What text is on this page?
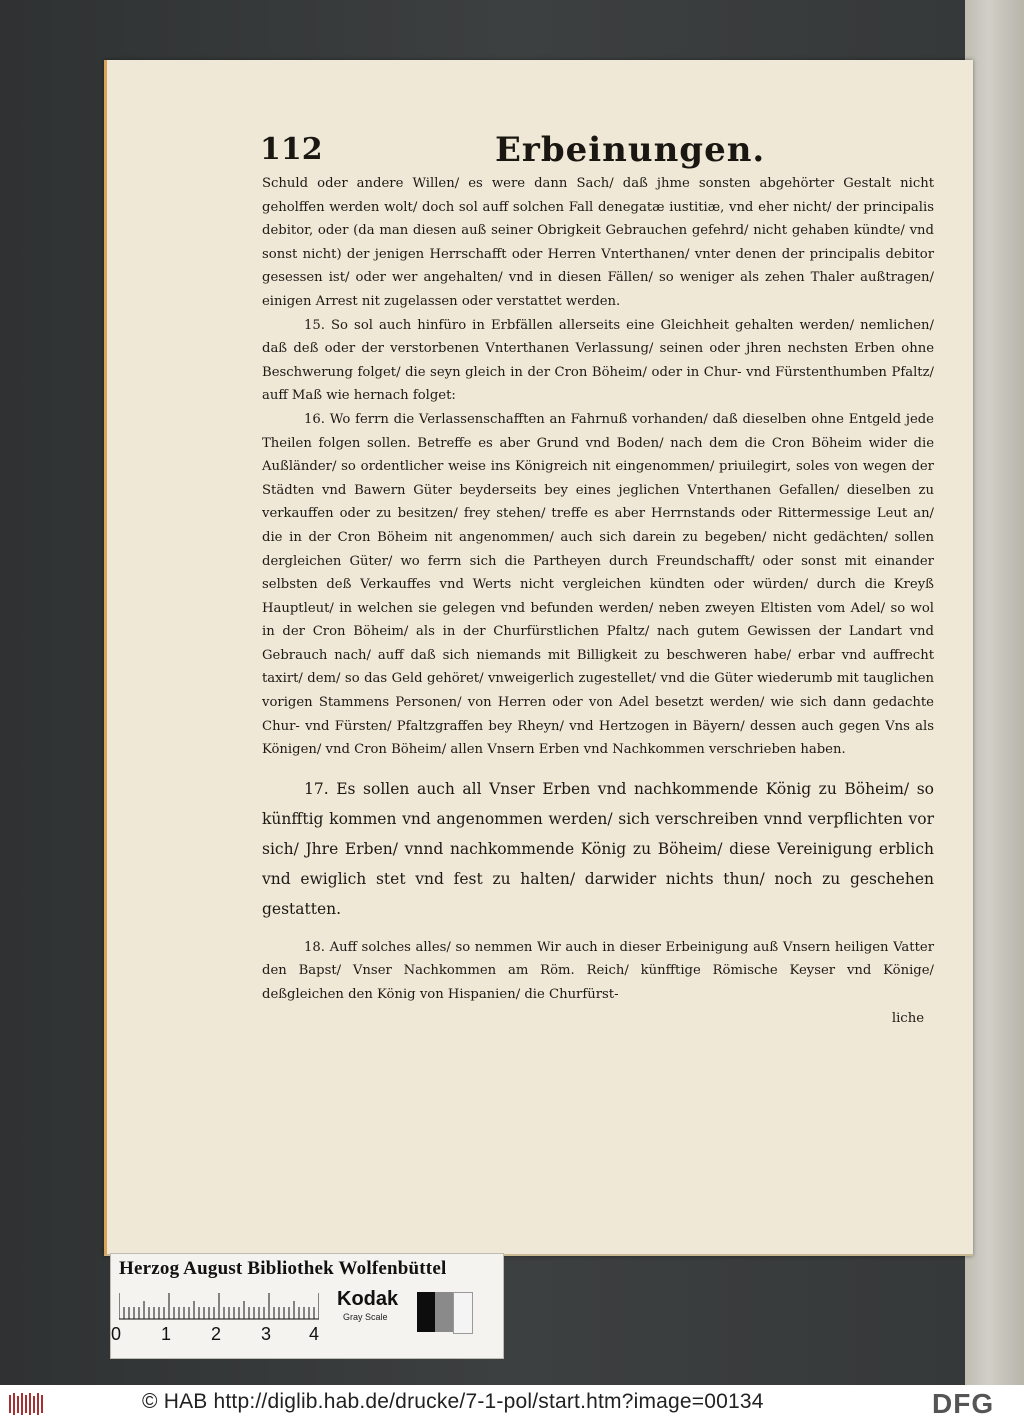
112	Erbeinungen.

Schuld oder andere Willen/ es were dann Sach/ daß jhme sonsten abgehörter Gestalt nicht geholffen werden wolt/ doch sol auff solchen Fall denegatæ iustitiæ, vnd eher nicht/ der principalis debitor, oder (da man diesen auß seiner Obrigkeit Gebrauchen gefehrd/ nicht gehaben kündte/ vnd sonst nicht) der jenigen Herrschafft oder Herren Vnterthanen/ vnter denen der principalis debitor gesessen ist/ oder wer angehalten/ vnd in diesen Fällen/ so weniger als zehen Thaler außtragen/ einigen Arrest nit zugelassen oder verstattet werden.

15. So sol auch hinfüro in Erbfällen allerseits eine Gleichheit gehalten werden/ nemlichen/ daß deß oder der verstorbenen Vnterthanen Verlassung/ seinen oder jhren nechsten Erben ohne Beschwerung folget/ die seyn gleich in der Cron Böheim/ oder in Chur- vnd Fürstenthumben Pfaltz/ auff Maß wie hernach folget:

16. Wo ferrn die Verlassenschafften an Fahrnuß vorhanden/ daß dieselben ohne Entgeld jede Theilen folgen sollen. Betreffe es aber Grund vnd Boden/ nach dem die Cron Böheim wider die Außländer/ so ordentlicher weise ins Königreich nit eingenommen/ priuilegirt, soles von wegen der Städten vnd Bawern Güter beyderseits bey eines jeglichen Vnterthanen Gefallen/ dieselben zu verkauffen oder zu besitzen/ frey stehen/ treffe es aber Herrnstands oder Rittermessige Leut an/ die in der Cron Böheim nit angenommen/ auch sich darein zu begeben/ nicht gedächten/ sollen dergleichen Güter/ wo ferrn sich die Partheyen durch Freundschafft/ oder sonst mit einander selbsten deß Verkauffes vnd Werts nicht vergleichen kündten oder würden/ durch die Kreyß Hauptleut/ in welchen sie gelegen vnd befunden werden/ neben zweyen Eltisten vom Adel/ so wol in der Cron Böheim/ als in der Churfürstlichen Pfaltz/ nach gutem Gewissen der Landart vnd Gebrauch nach/ auff daß sich niemands mit Billigkeit zu beschweren habe/ erbar vnd auffrecht taxirt/ dem/ so das Geld gehöret/ vnweigerlich zugestellet/ vnd die Güter wiederumb mit tauglichen vorigen Stammens Personen/ von Herren oder von Adel besetzt werden/ wie sich dann gedachte Chur- vnd Fürsten/ Pfaltzgraffen bey Rheyn/ vnd Hertzogen in Bäyern/ dessen auch gegen Vns als Königen/ vnd Cron Böheim/ allen Vnsern Erben vnd Nachkommen verschrieben haben.

17. Es sollen auch all Vnser Erben vnd nachkommende König zu Böheim/ so künfftig kommen vnd angenommen werden/ sich verschreiben vnnd verpflichten vor sich/ Jhre Erben/ vnnd nachkommende König zu Böheim/ diese Vereinigung erblich vnd ewiglich stet vnd fest zu halten/ darwider nichts thun/ noch zu geschehen gestatten.

18. Auff solches alles/ so nemmen Wir auch in dieser Erbeinigung auß Vnsern heiligen Vatter den Bapst/ Vnser Nachkommen am Röm. Reich/ künfftige Römische Keyser vnd Könige/ deßgleichen den König von Hispanien/ die Churfürst-

liche

Herzog August Bibliothek Wolfenbüttel
0 1 2 3 4
Kodak
Gray Scale
© HAB http://diglib.hab.de/drucke/7-1-pol/start.htm?image=00134	DFG
